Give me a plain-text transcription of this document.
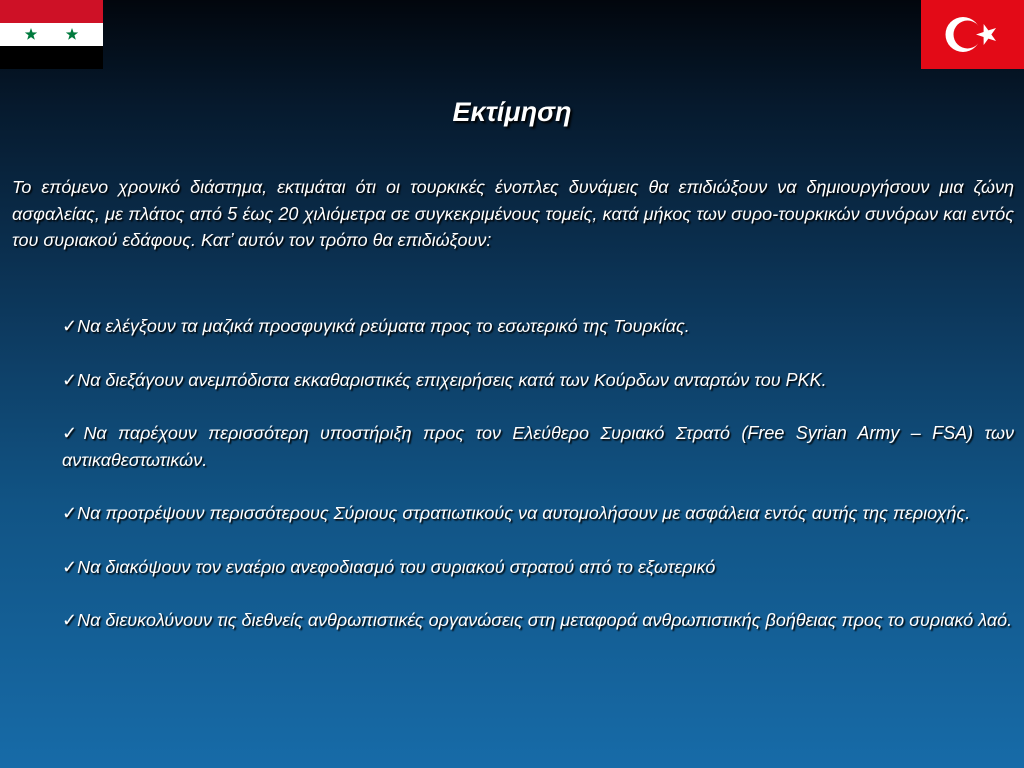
Εκτίμηση

Το επόμενο χρονικό διάστημα, εκτιμάται ότι οι τουρκικές ένοπλες δυνάμεις θα επιδιώξουν να δημιουργήσουν μια ζώνη ασφαλείας, με πλάτος από 5 έως 20 χιλιόμετρα σε συγκεκριμένους τομείς, κατά μήκος των συρο-τουρκικών συνόρων και εντός του συριακού εδάφους. Κατ’ αυτόν τον τρόπο θα επιδιώξουν:

✓Να ελέγξουν τα μαζικά προσφυγικά ρεύματα προς το εσωτερικό της Τουρκίας.
✓Να διεξάγουν ανεμπόδιστα εκκαθαριστικές επιχειρήσεις κατά των Κούρδων ανταρτών του PKK.
✓Να παρέχουν περισσότερη υποστήριξη προς τον Ελεύθερο Συριακό Στρατό (Free Syrian Army – FSA) των αντικαθεστωτικών.
✓Να προτρέψουν περισσότερους Σύριους στρατιωτικούς να αυτομολήσουν με ασφάλεια εντός αυτής της περιοχής.
✓Να διακόψουν τον εναέριο ανεφοδιασμό του συριακού στρατού από το εξωτερικό
✓Να διευκολύνουν τις διεθνείς ανθρωπιστικές οργανώσεις στη μεταφορά ανθρωπιστικής βοήθειας προς το συριακό λαό.
